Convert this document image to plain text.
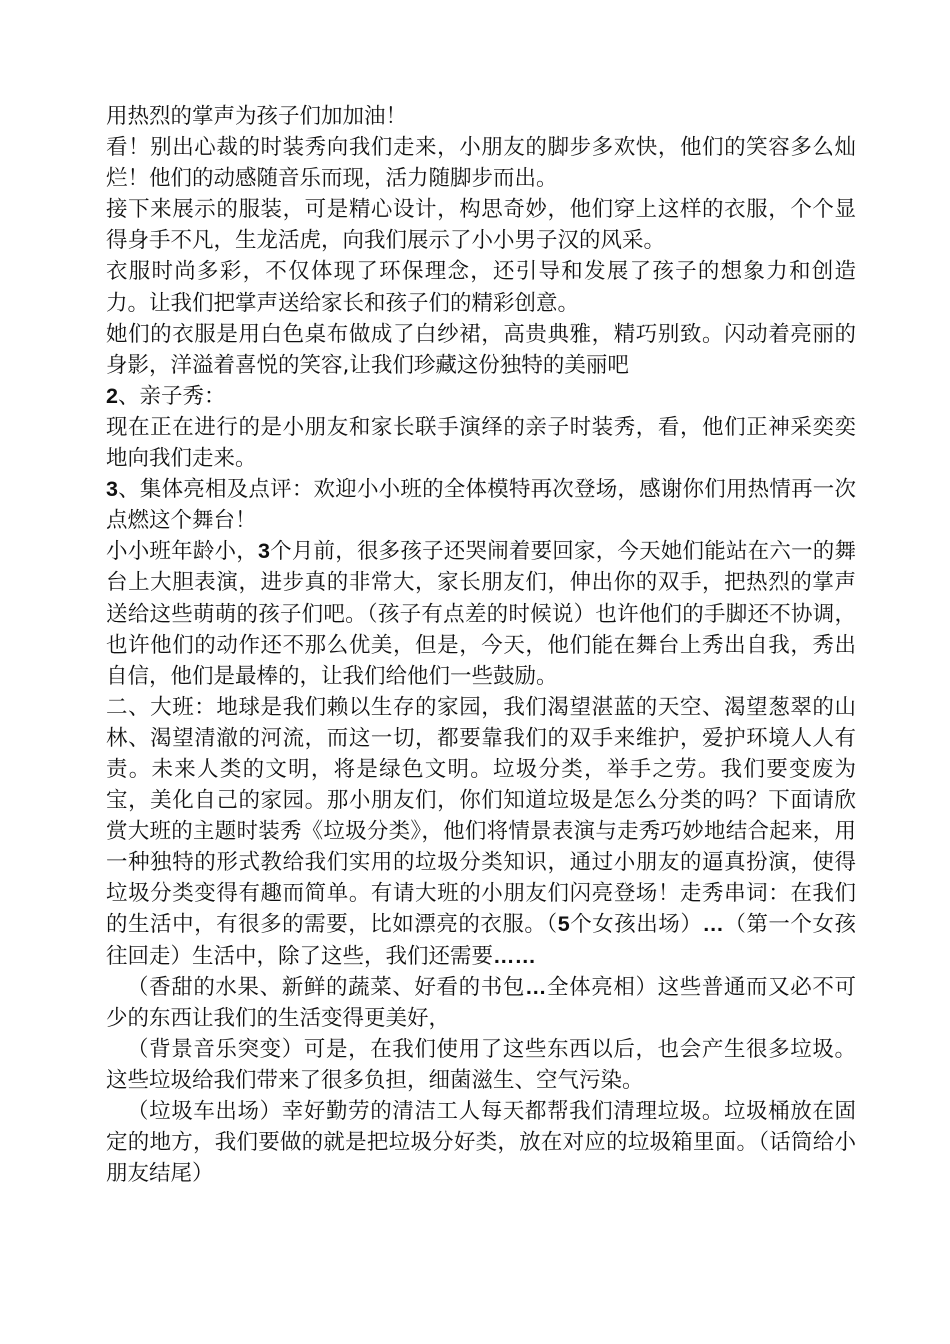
用热烈的掌声为孩子们加加油！

看！别出心裁的时装秀向我们走来，小朋友的脚步多欢快，他们的笑容多么灿烂！他们的动感随音乐而现，活力随脚步而出。

接下来展示的服装，可是精心设计，构思奇妙，他们穿上这样的衣服，个个显得身手不凡，生龙活虎，向我们展示了小小男子汉的风采。

衣服时尚多彩，不仅体现了环保理念，还引导和发展了孩子的想象力和创造力。让我们把掌声送给家长和孩子们的精彩创意。

她们的衣服是用白色桌布做成了白纱裙，高贵典雅，精巧别致。闪动着亮丽的身影，洋溢着喜悦的笑容,让我们珍藏这份独特的美丽吧

2、亲子秀：

现在正在进行的是小朋友和家长联手演绎的亲子时装秀，看，他们正神采奕奕地向我们走来。

3、集体亮相及点评：欢迎小小班的全体模特再次登场，感谢你们用热情再一次点燃这个舞台！

小小班年龄小，3个月前，很多孩子还哭闹着要回家，今天她们能站在六一的舞台上大胆表演，进步真的非常大，家长朋友们，伸出你的双手，把热烈的掌声送给这些萌萌的孩子们吧。（孩子有点差的时候说）也许他们的手脚还不协调，也许他们的动作还不那么优美，但是，今天，他们能在舞台上秀出自我，秀出自信，他们是最棒的，让我们给他们一些鼓励。

二、大班：地球是我们赖以生存的家园，我们渴望湛蓝的天空、渴望葱翠的山林、渴望清澈的河流，而这一切，都要靠我们的双手来维护，爱护环境人人有责。未来人类的文明，将是绿色文明。垃圾分类，举手之劳。我们要变废为宝，美化自己的家园。那小朋友们，你们知道垃圾是怎么分类的吗？下面请欣赏大班的主题时装秀《垃圾分类》，他们将情景表演与走秀巧妙地结合起来，用一种独特的形式教给我们实用的垃圾分类知识，通过小朋友的逼真扮演，使得垃圾分类变得有趣而简单。有请大班的小朋友们闪亮登场！走秀串词：在我们的生活中，有很多的需要，比如漂亮的衣服。（5个女孩出场）…（第一个女孩往回走）生活中，除了这些，我们还需要……

（香甜的水果、新鲜的蔬菜、好看的书包…全体亮相）这些普通而又必不可少的东西让我们的生活变得更美好，

（背景音乐突变）可是，在我们使用了这些东西以后，也会产生很多垃圾。这些垃圾给我们带来了很多负担，细菌滋生、空气污染。

（垃圾车出场）幸好勤劳的清洁工人每天都帮我们清理垃圾。垃圾桶放在固定的地方，我们要做的就是把垃圾分好类，放在对应的垃圾箱里面。（话筒给小朋友结尾）
